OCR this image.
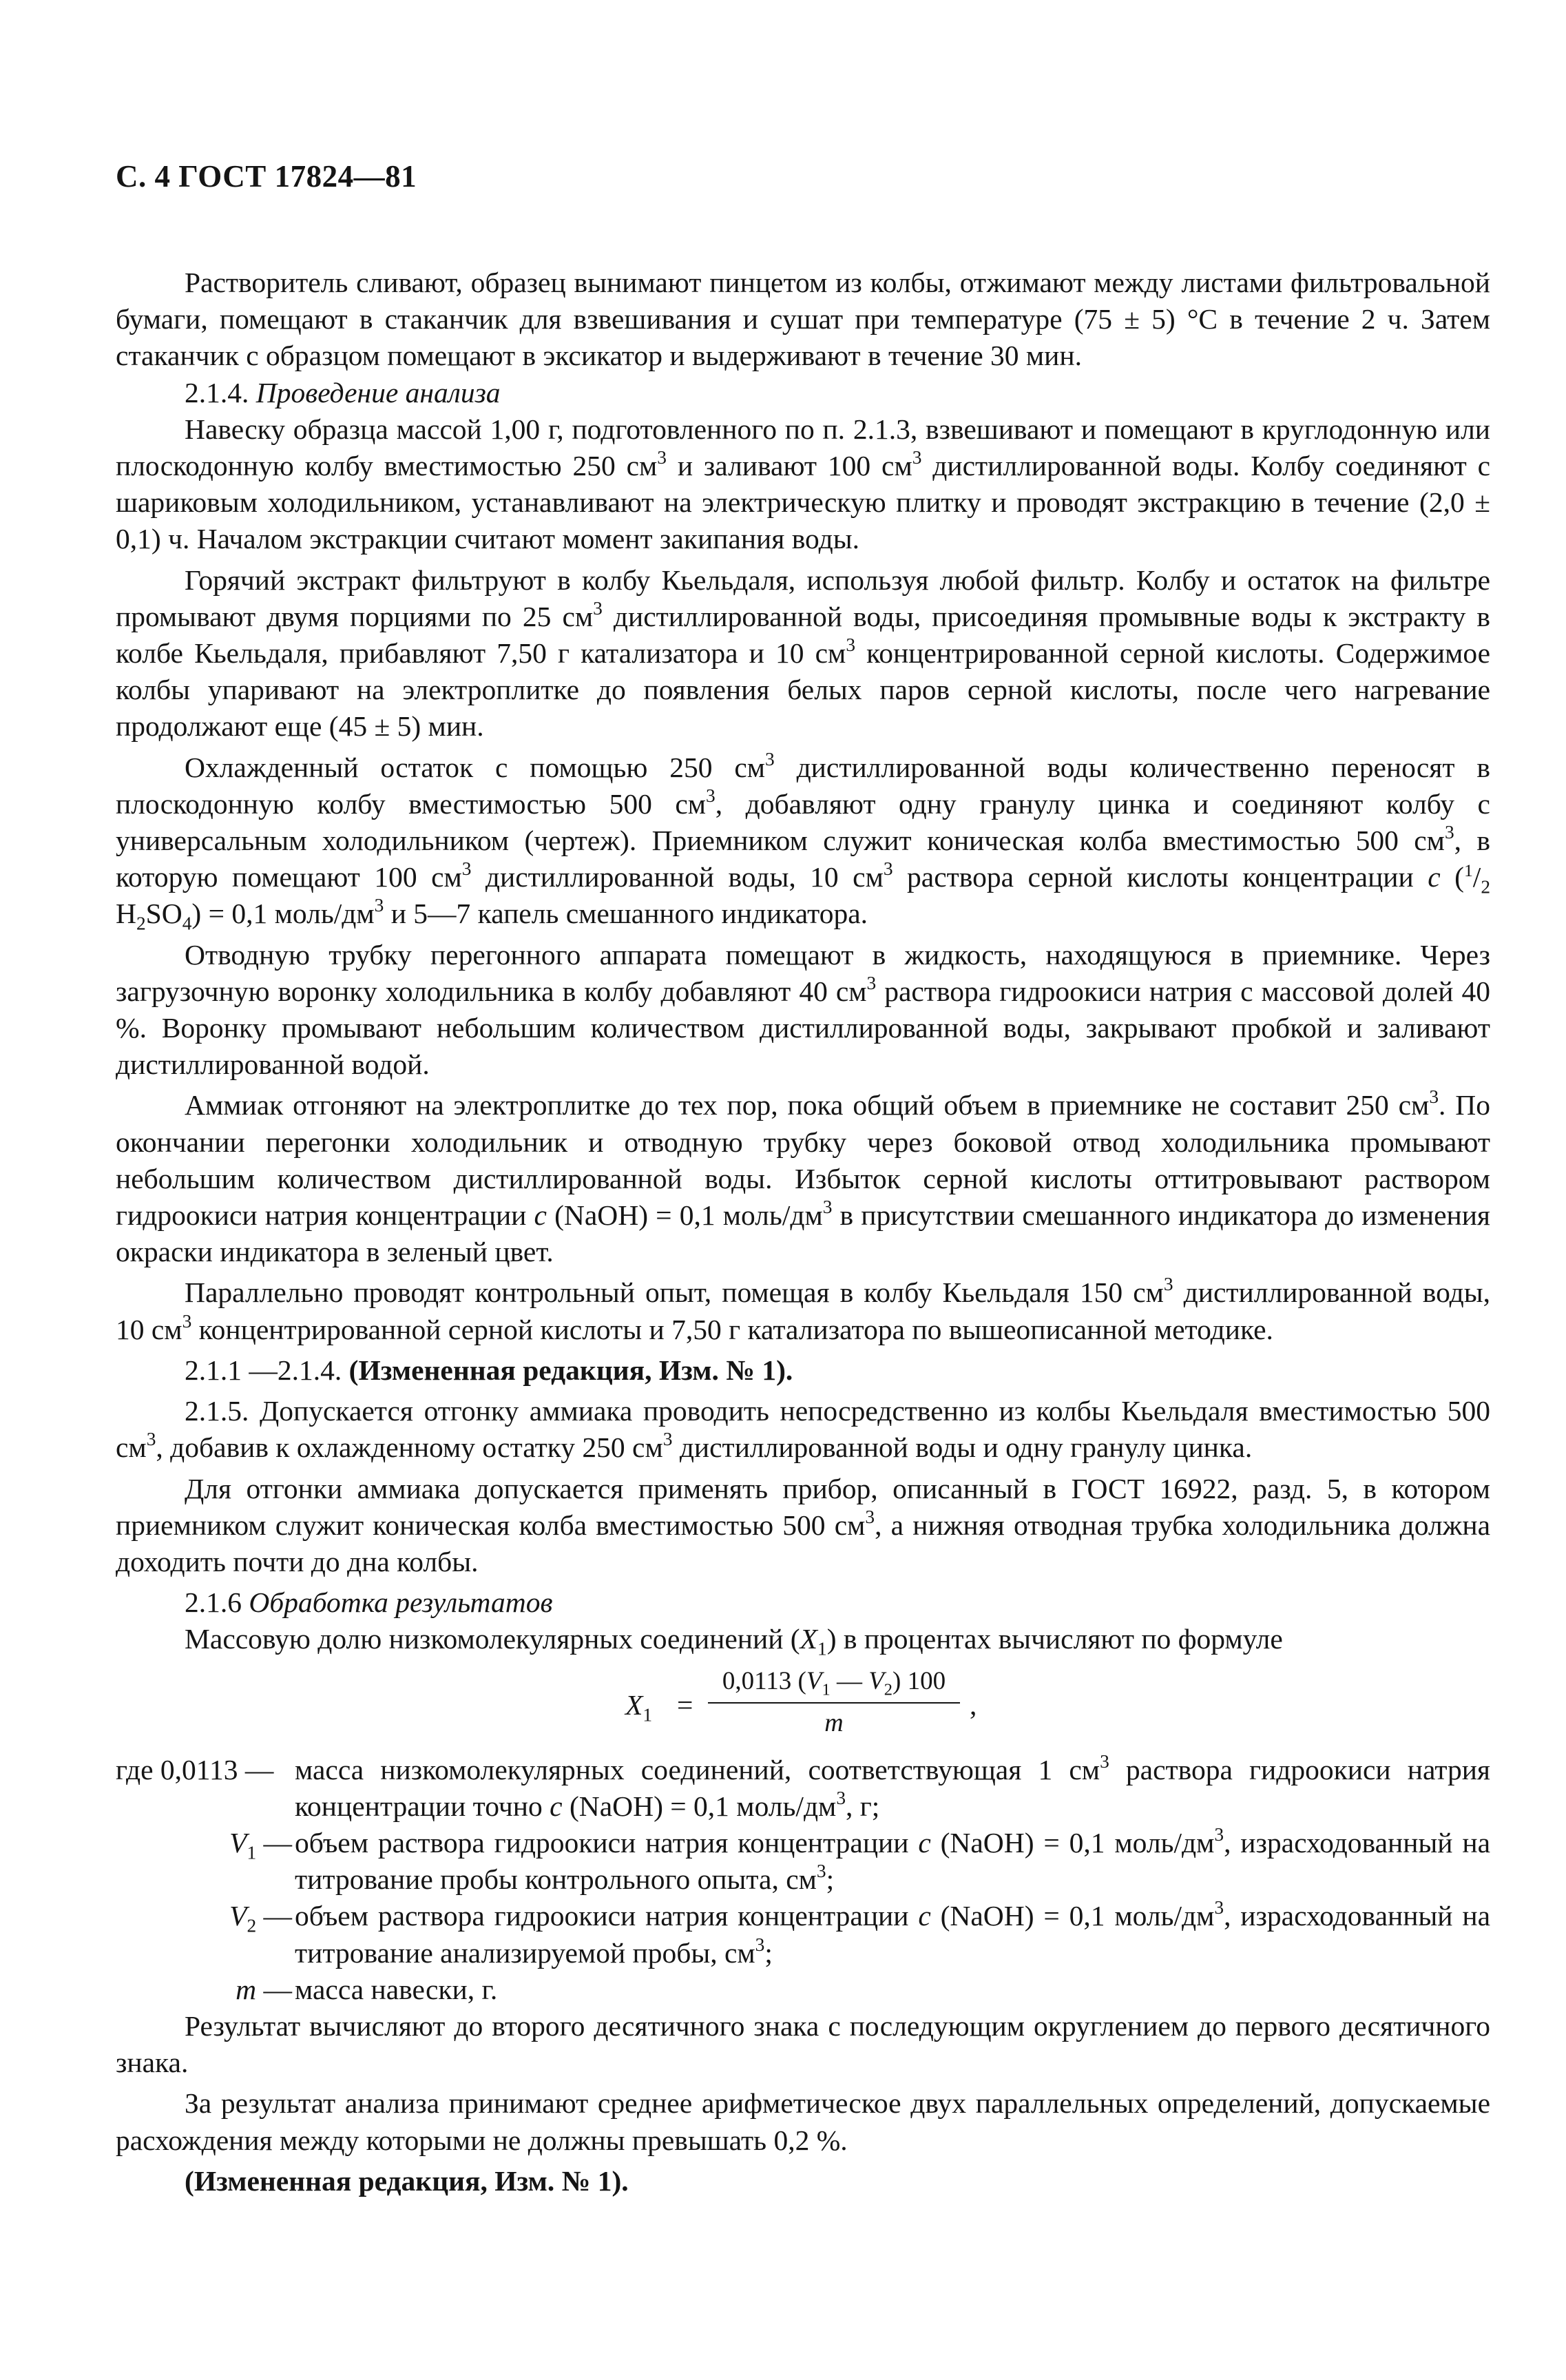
С. 4 ГОСТ 17824—81

Растворитель сливают, образец вынимают пинцетом из колбы, отжимают между листами фильтровальной бумаги, помещают в стаканчик для взвешивания и сушат при температуре (75 ± 5) °С в течение 2 ч. Затем стаканчик с образцом помещают в эксикатор и выдерживают в течение 30 мин.

2.1.4. Проведение анализа

Навеску образца массой 1,00 г, подготовленного по п. 2.1.3, взвешивают и помещают в круглодонную или плоскодонную колбу вместимостью 250 $см^3$ и заливают 100 $см^3$ дистиллированной воды. Колбу соединяют с шариковым холодильником, устанавливают на электрическую плитку и проводят экстракцию в течение (2,0 ± 0,1) ч. Началом экстракции считают момент закипания воды.

Горячий экстракт фильтруют в колбу Кьельдаля, используя любой фильтр. Колбу и остаток на фильтре промывают двумя порциями по 25 $см^3$ дистиллированной воды, присоединяя промывные воды к экстракту в колбе Кьельдаля, прибавляют 7,50 г катализатора и 10 $см^3$ концентрированной серной кислоты. Содержимое колбы упаривают на электроплитке до появления белых паров серной кислоты, после чего нагревание продолжают еще (45 ± 5) мин.

Охлажденный остаток с помощью 250 $см^3$ дистиллированной воды количественно переносят в плоскодонную колбу вместимостью 500 $см^3$, добавляют одну гранулу цинка и соединяют колбу с универсальным холодильником (чертеж). Приемником служит коническая колба вместимостью 500 $см^3$, в которую помещают 100 $см^3$ дистиллированной воды, 10 $см^3$ раствора серной кислоты концентрации c ($^1/_2$ $H_2SO_4) = 0,1$ моль/$дм^3$ и 5—7 капель смешанного индикатора.

Отводную трубку перегонного аппарата помещают в жидкость, находящуюся в приемнике. Через загрузочную воронку холодильника в колбу добавляют 40 $см^3$ раствора гидроокиси натрия с массовой долей 40 %. Воронку промывают небольшим количеством дистиллированной воды, закрывают пробкой и заливают дистиллированной водой.

Аммиак отгоняют на электроплитке до тех пор, пока общий объем в приемнике не составит 250 $см^3$. По окончании перегонки холодильник и отводную трубку через боковой отвод холодильника промывают небольшим количеством дистиллированной воды. Избыток серной кислоты оттитровывают раствором гидроокиси натрия концентрации c (NaOH) = 0,1 моль/$дм^3$ в присутствии смешанного индикатора до изменения окраски индикатора в зеленый цвет.

Параллельно проводят контрольный опыт, помещая в колбу Кьельдаля 150 $см^3$ дистиллированной воды, 10 $см^3$ концентрированной серной кислоты и 7,50 г катализатора по вышеописанной методике.

2.1.1 —2.1.4. (Измененная редакция, Изм. № 1).

2.1.5. Допускается отгонку аммиака проводить непосредственно из колбы Кьельдаля вместимостью 500 $см^3$, добавив к охлажденному остатку 250 $см^3$ дистиллированной воды и одну гранулу цинка.

Для отгонки аммиака допускается применять прибор, описанный в ГОСТ 16922, разд. 5, в котором приемником служит коническая колба вместимостью 500 $см^3$, а нижняя отводная трубка холодильника должна доходить почти до дна колбы.

2.1.6 Обработка результатов

Массовую долю низкомолекулярных соединений $(X_1)$ в процентах вычисляют по формуле

$X_1$ =
0,0113 ($V_1$ — $V_2$) 100
m
,
где 0,0113 — масса низкомолекулярных соединений, соответствующая 1 $см^3$ раствора гидроокиси натрия концентрации точно c (NaOH) = 0,1 моль/$дм^3$, г;
$V_1$ — объем раствора гидроокиси натрия концентрации c (NaOH) = 0,1 моль/$дм^3$, израсходованный на титрование пробы контрольного опыта, $см^3$;
$V_2$ — объем раствора гидроокиси натрия концентрации c (NaOH) = 0,1 моль/$дм^3$, израсходованный на титрование анализируемой пробы, $см^3$;
m — масса навески, г.

Результат вычисляют до второго десятичного знака с последующим округлением до первого десятичного знака.

За результат анализа принимают среднее арифметическое двух параллельных определений, допускаемые расхождения между которыми не должны превышать 0,2 %.

(Измененная редакция, Изм. № 1).
